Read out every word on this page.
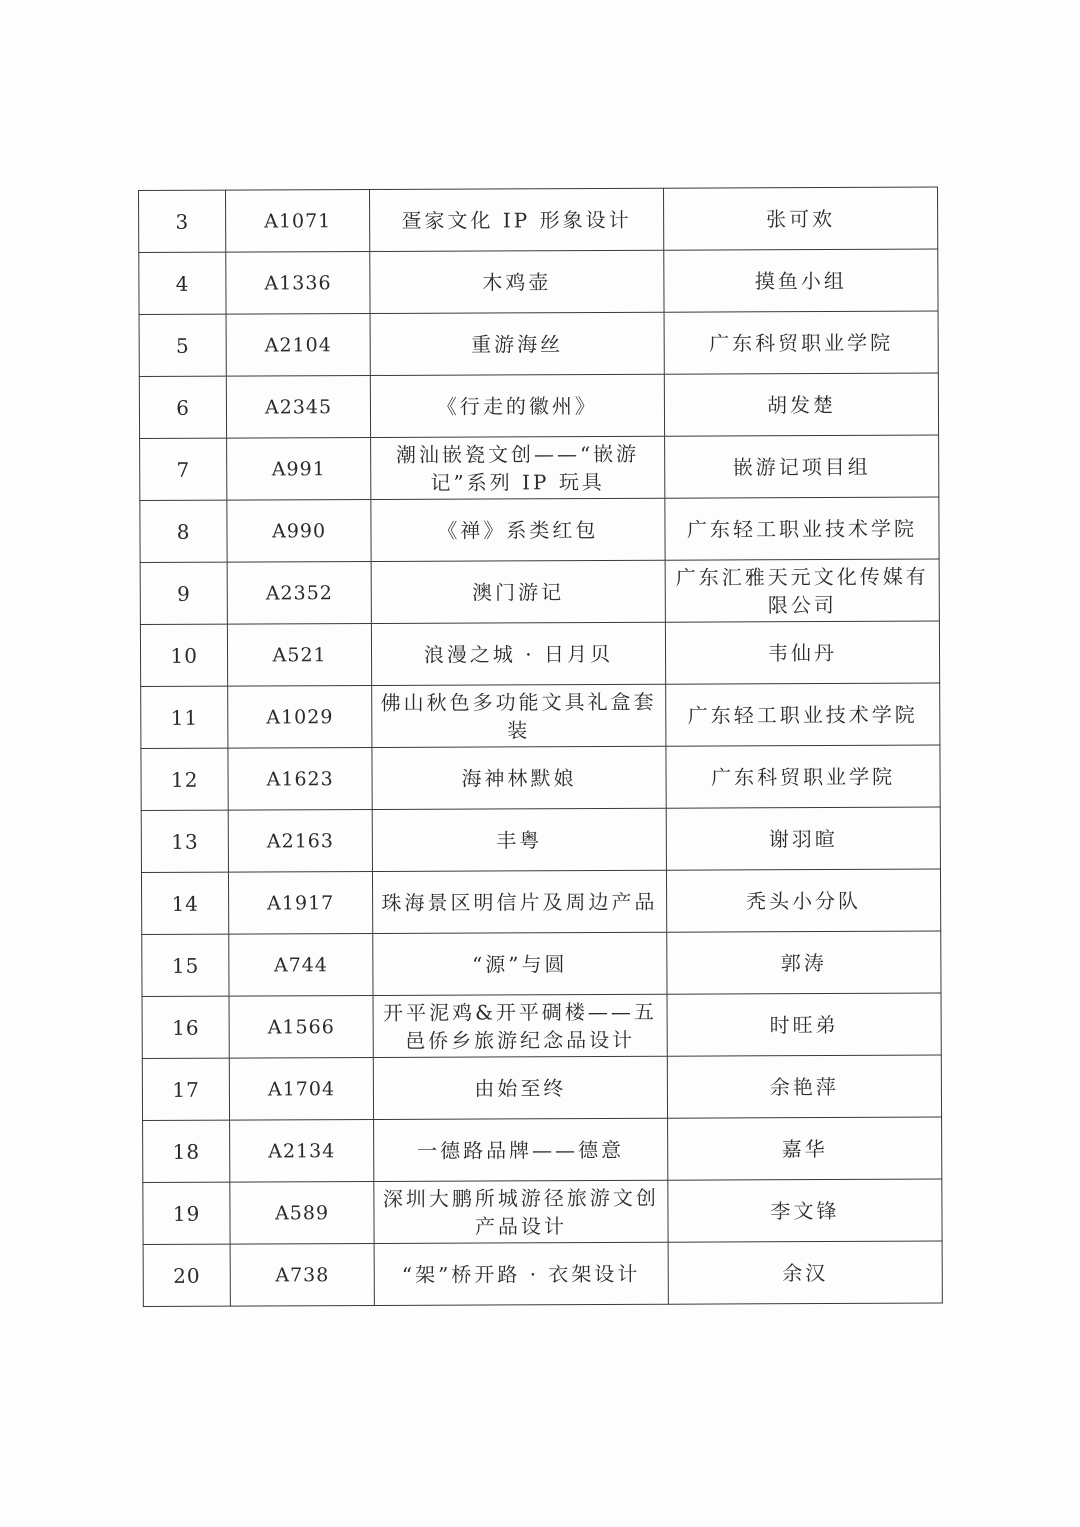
3	A1071	疍家文化 IP 形象设计	张可欢
4	A1336	木鸡壶	摸鱼小组
5	A2104	重游海丝	广东科贸职业学院
6	A2345	《行走的徽州》	胡发楚
7	A991	潮汕嵌瓷文创——“嵌游记”系列 IP 玩具	嵌游记项目组
8	A990	《禅》系类红包	广东轻工职业技术学院
9	A2352	澳门游记	广东汇雅天元文化传媒有限公司
10	A521	浪漫之城 · 日月贝	韦仙丹
11	A1029	佛山秋色多功能文具礼盒套装	广东轻工职业技术学院
12	A1623	海神林默娘	广东科贸职业学院
13	A2163	丰粤	谢羽暄
14	A1917	珠海景区明信片及周边产品	秃头小分队
15	A744	“源”与圆	郭涛
16	A1566	开平泥鸡&开平碉楼——五邑侨乡旅游纪念品设计	时旺弟
17	A1704	由始至终	余艳萍
18	A2134	一德路品牌——德意	嘉华
19	A589	深圳大鹏所城游径旅游文创产品设计	李文锋
20	A738	“架”桥开路 · 衣架设计	余汉
